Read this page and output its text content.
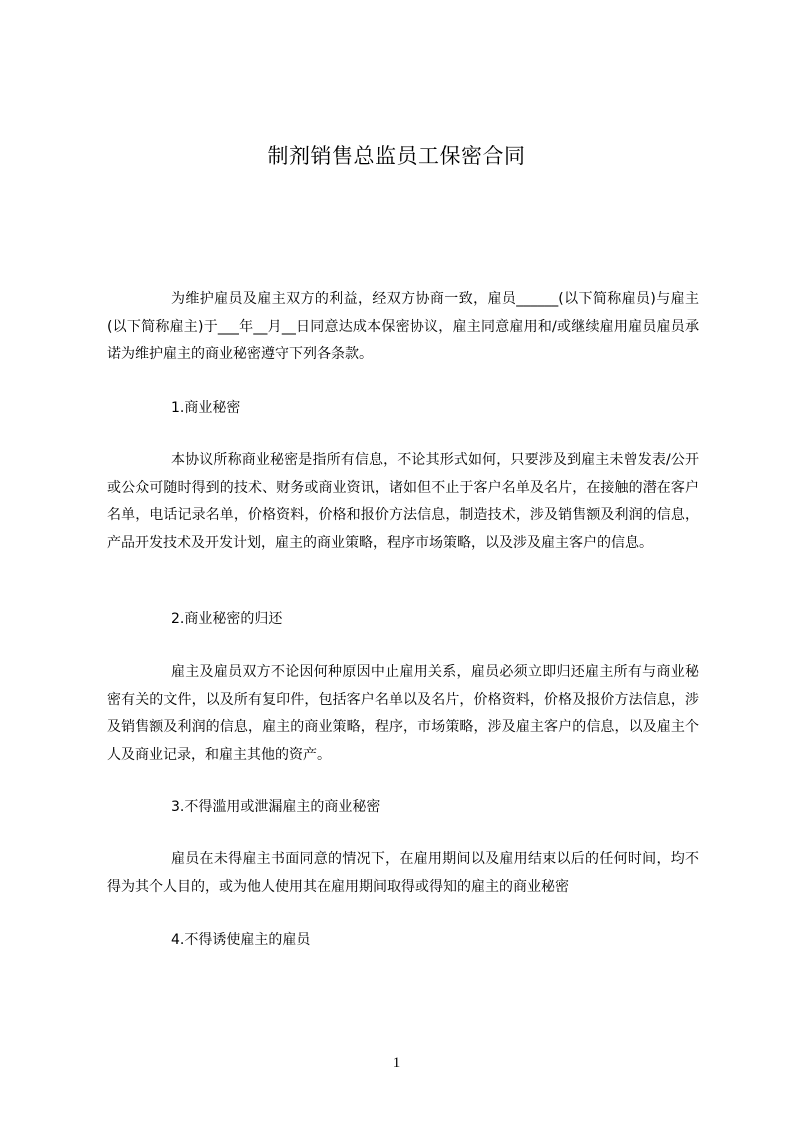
制剂销售总监员工保密合同
为维护雇员及雇主双方的利益，经双方协商一致，雇员______(以下简称雇员)与雇主(以下简称雇主)于___年__月__日同意达成本保密协议，雇主同意雇用和/或继续雇用雇员雇员承诺为维护雇主的商业秘密遵守下列各条款。
1.商业秘密
本协议所称商业秘密是指所有信息，不论其形式如何，只要涉及到雇主未曾发表/公开或公众可随时得到的技术、财务或商业资讯，诸如但不止于客户名单及名片，在接触的潜在客户名单，电话记录名单，价格资料，价格和报价方法信息，制造技术，涉及销售额及利润的信息，产品开发技术及开发计划，雇主的商业策略，程序市场策略，以及涉及雇主客户的信息。
2.商业秘密的归还
雇主及雇员双方不论因何种原因中止雇用关系，雇员必须立即归还雇主所有与商业秘密有关的文件，以及所有复印件，包括客户名单以及名片，价格资料，价格及报价方法信息，涉及销售额及利润的信息，雇主的商业策略，程序，市场策略，涉及雇主客户的信息，以及雇主个人及商业记录，和雇主其他的资产。
3.不得滥用或泄漏雇主的商业秘密
雇员在未得雇主书面同意的情况下，在雇用期间以及雇用结束以后的任何时间，均不得为其个人目的，或为他人使用其在雇用期间取得或得知的雇主的商业秘密
4.不得诱使雇主的雇员
1
